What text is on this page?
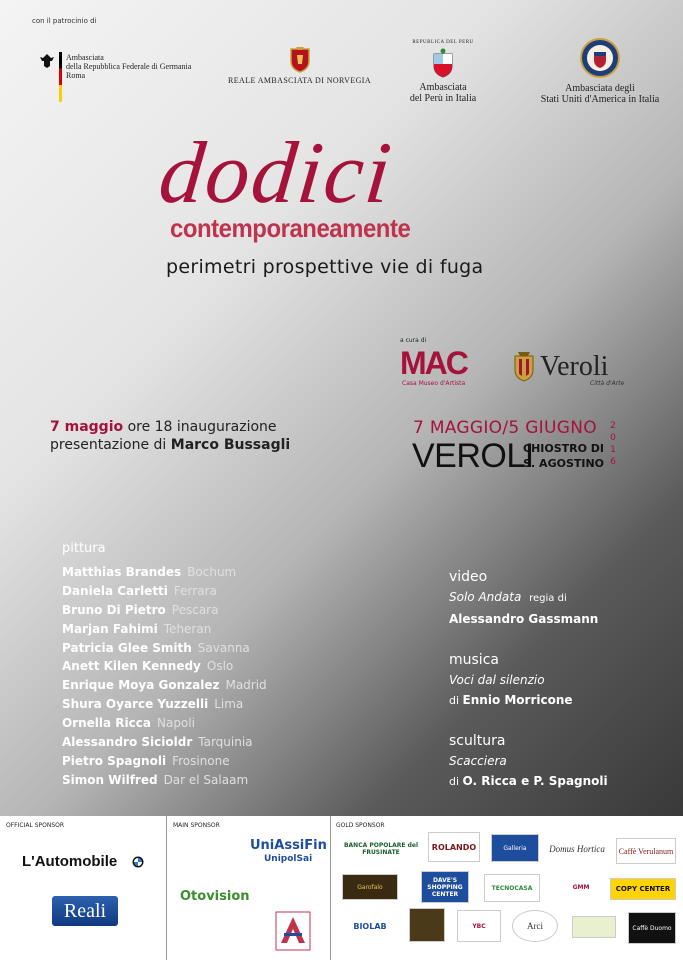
con il patrocinio di
Ambasciata
della Repubblica Federale di Germania
Roma
REALE AMBASCIATA DI NORVEGIA
REPUBLICA DEL PERU
Ambasciata
del Perù in Italia
Ambasciata degli
Stati Uniti d'America in Italia
dodici
contemporaneamente
perimetri prospettive vie di fuga
a cura di
MAC
Casa Museo d'Artista
Veroli
Città d'Arte
7 maggio ore 18 inaugurazione
presentazione di Marco Bussagli
7 MAGGIO/5 GIUGNO 2
0
1
6
VEROLI
CHIOSTRO DI
S. AGOSTINO
pittura
Matthias Brandes Bochum
Daniela Carletti Ferrara
Bruno Di Pietro Pescara
Marjan Fahimi Teheran
Patricia Glee Smith Savanna
Anett Kilen Kennedy Oslo
Enrique Moya Gonzalez Madrid
Shura Oyarce Yuzzelli Lima
Ornella Ricca Napoli
Alessandro Sicioldr Tarquinia
Pietro Spagnoli Frosinone
Simon Wilfred Dar el Salaam
video
Solo Andata regia di
Alessandro Gassmann
musica
Voci dal silenzio
di Ennio Morricone
scultura
Scacciera
di O. Ricca e P. Spagnoli
OFFICIAL SPONSOR	MAIN SPONSOR	GOLD SPONSOR
L'Automobile
Reali
UniAssiFin
UnipolSai
Otovision
BANCA POPOLARE del FRUSINATE
ROLANDO	Galleria	Domus Hortica	Caffè Verulanum
Garofalo
DAVE'S SHOPPING CENTER
TECNOCASA	GMM	COPY CENTER
BIOLAB	YBC	Arci	Caffè Duomo
